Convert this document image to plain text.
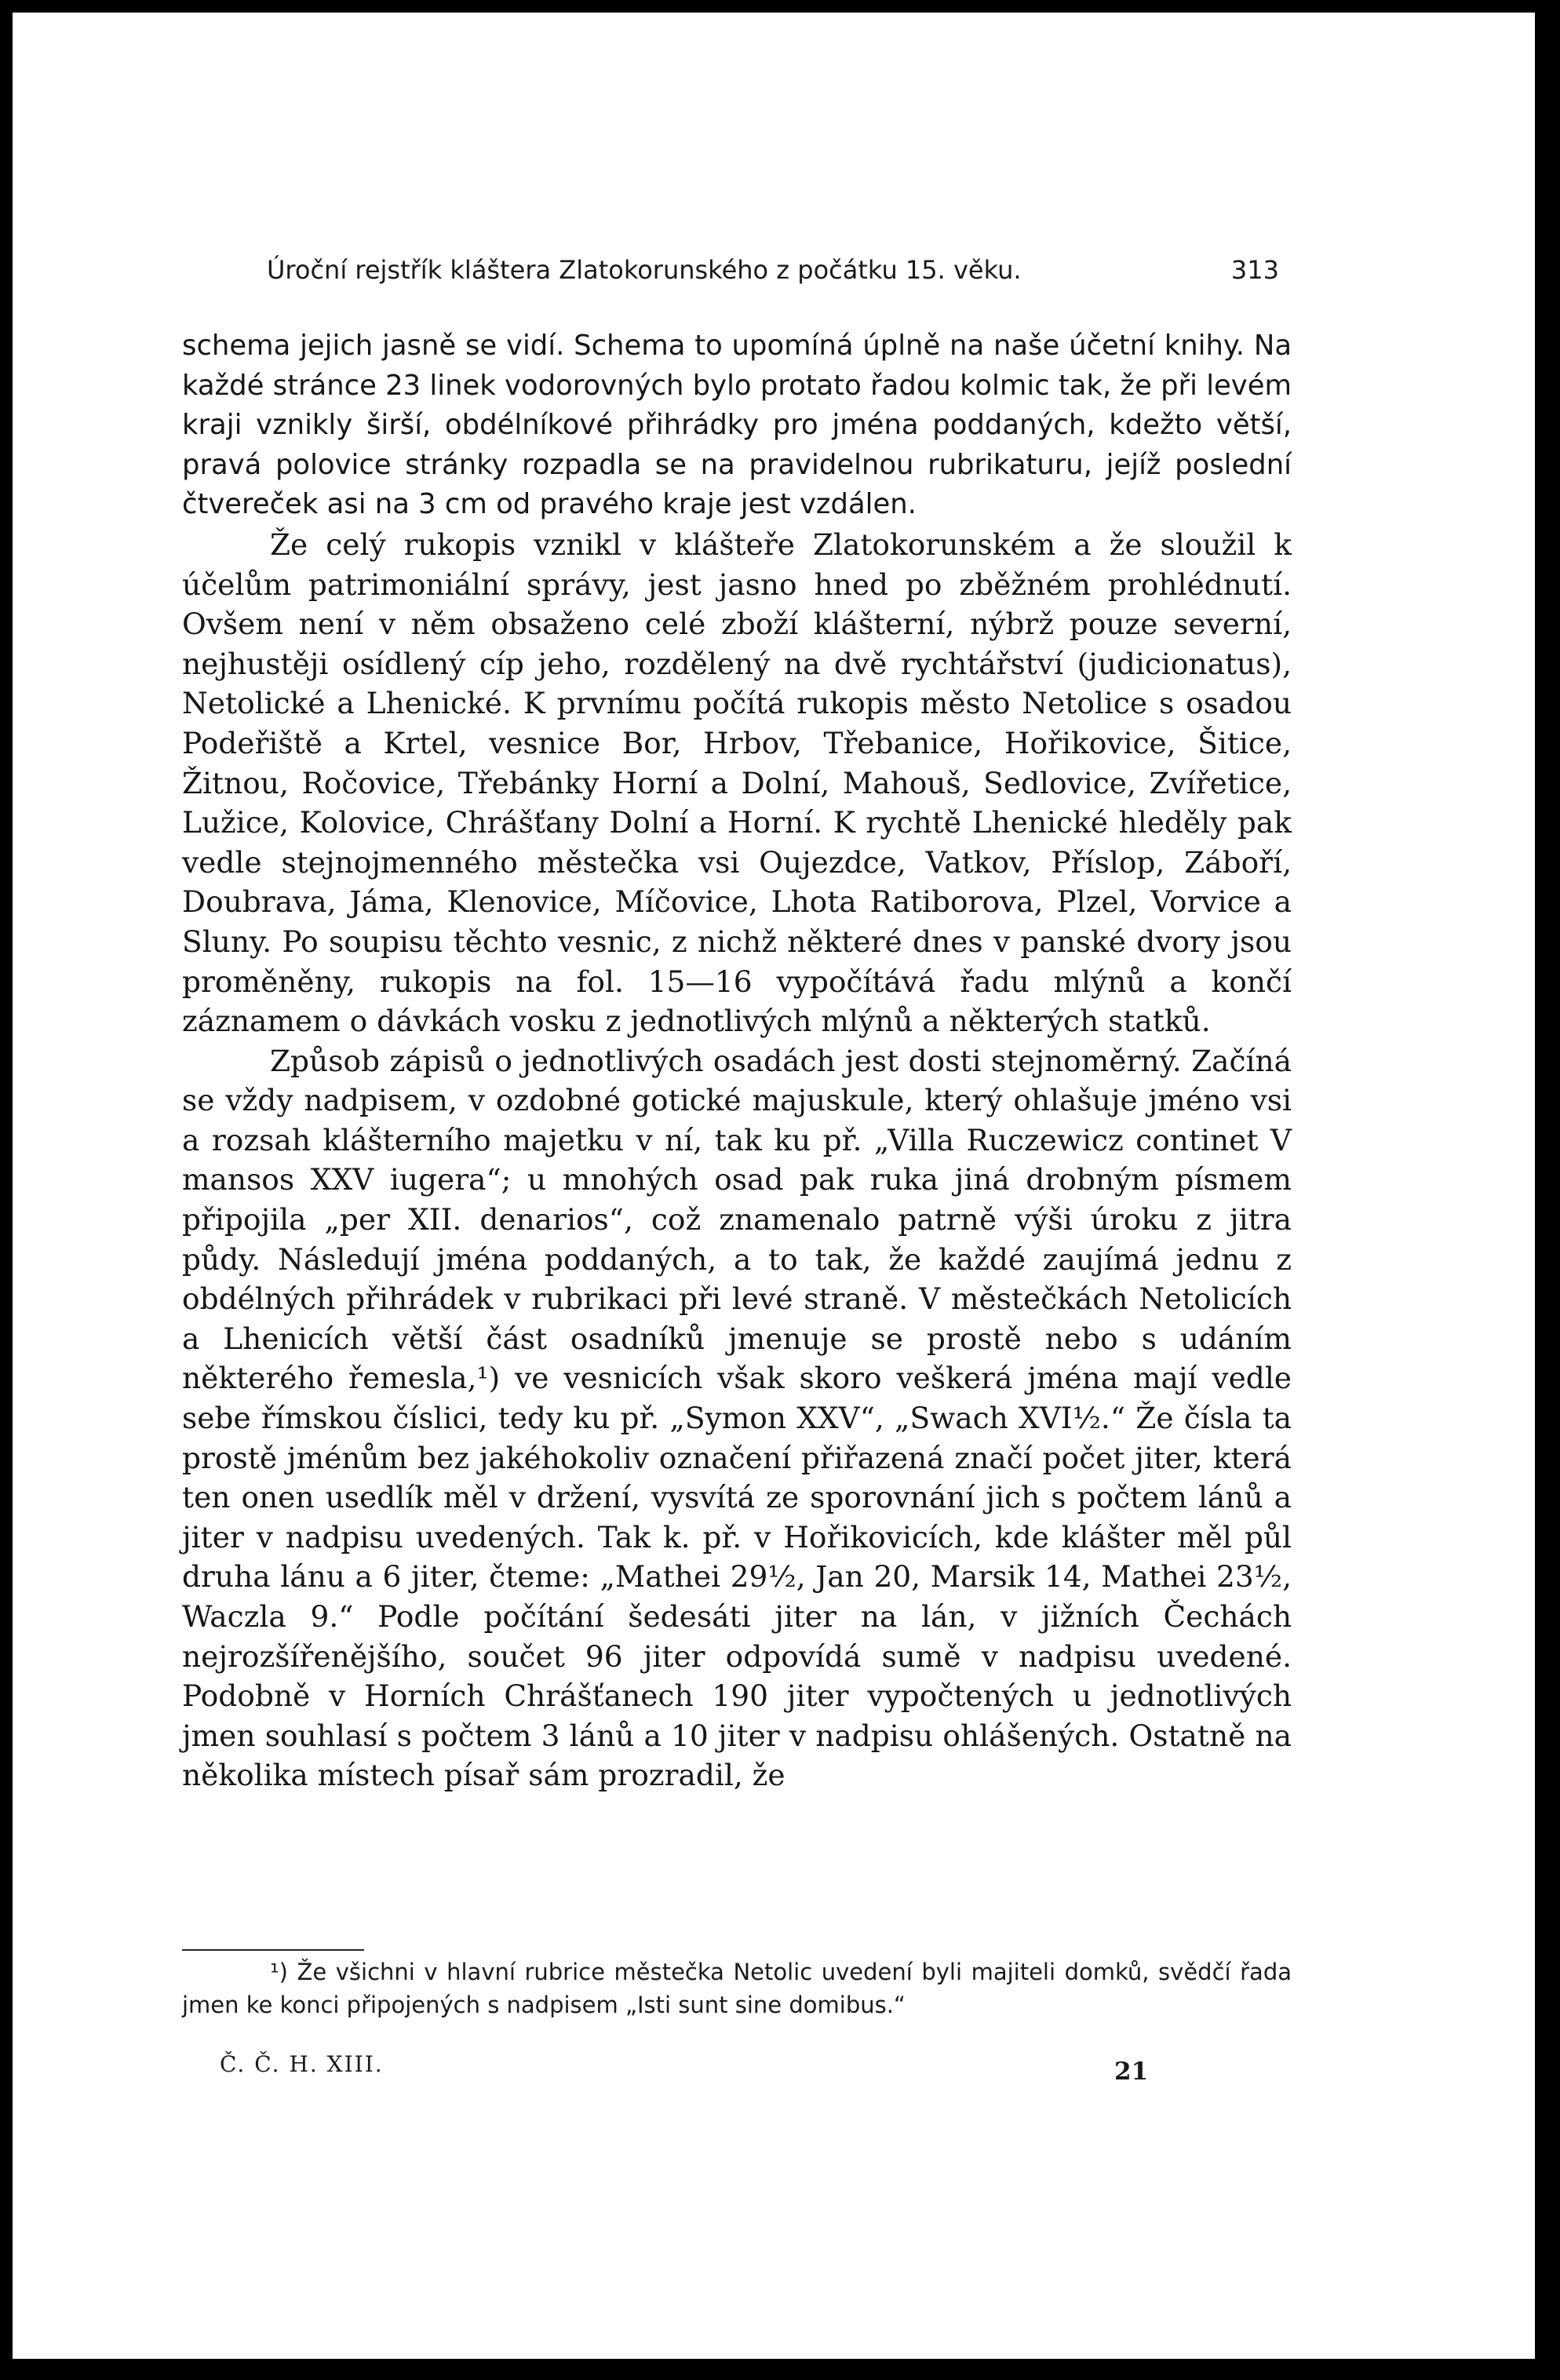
Úroční rejstřík kláštera Zlatokorunského z počátku 15. věku.	313

schema jejich jasně se vidí. Schema to upomíná úplně na naše účetní knihy. Na každé stránce 23 linek vodorovných bylo protato řadou kolmic tak, že při levém kraji vznikly širší, obdélníkové přihrádky pro jména poddaných, kdežto větší, pravá polovice stránky rozpadla se na pravidelnou rubrikaturu, jejíž poslední čtvereček asi na 3 cm od pravého kraje jest vzdálen.

Že celý rukopis vznikl v klášteře Zlatokorunském a že sloužil k účelům patrimoniální správy, jest jasno hned po zběžném prohlédnutí. Ovšem není v něm obsaženo celé zboží klášterní, nýbrž pouze severní, nejhustěji osídlený cíp jeho, rozdělený na dvě rychtářství (judicionatus), Netolické a Lhenické. K prvnímu počítá rukopis město Netolice s osadou Podeřiště a Krtel, vesnice Bor, Hrbov, Třebanice, Hořikovice, Šitice, Žitnou, Ročovice, Třebánky Horní a Dolní, Mahouš, Sedlovice, Zvířetice, Lužice, Kolovice, Chrášťany Dolní a Horní. K rychtě Lhenické hleděly pak vedle stejnojmenného městečka vsi Oujezdce, Vatkov, Příslop, Záboří, Doubrava, Jáma, Klenovice, Míčovice, Lhota Ratiborova, Plzel, Vorvice a Sluny. Po soupisu těchto vesnic, z nichž některé dnes v panské dvory jsou proměněny, rukopis na fol. 15—16 vypočítává řadu mlýnů a končí záznamem o dávkách vosku z jednotlivých mlýnů a některých statků.

Způsob zápisů o jednotlivých osadách jest dosti stejnoměrný. Začíná se vždy nadpisem, v ozdobné gotické majuskule, který ohlašuje jméno vsi a rozsah klášterního majetku v ní, tak ku př. „Villa Ruczewicz continet V mansos XXV iugera“; u mnohých osad pak ruka jiná drobným písmem připojila „per XII. denarios“, což znamenalo patrně výši úroku z jitra půdy. Následují jména poddaných, a to tak, že každé zaujímá jednu z obdélných přihrádek v rubrikaci při levé straně. V městečkách Netolicích a Lhenicích větší část osadníků jmenuje se prostě nebo s udáním některého řemesla,¹) ve vesnicích však skoro veškerá jména mají vedle sebe římskou číslici, tedy ku př. „Symon XXV“, „Swach XVI½.“ Že čísla ta prostě jménům bez jakéhokoliv označení přiřazená značí počet jiter, která ten onen usedlík měl v držení, vysvítá ze sporovnání jich s počtem lánů a jiter v nadpisu uvedených. Tak k. př. v Hořikovicích, kde klášter měl půl druha lánu a 6 jiter, čteme: „Mathei 29½, Jan 20, Marsik 14, Mathei 23½, Waczla 9.“ Podle počítání šedesáti jiter na lán, v jižních Čechách nejrozšířenějšího, součet 96 jiter odpovídá sumě v nadpisu uvedené. Podobně v Horních Chrášťanech 190 jiter vypočtených u jednotlivých jmen souhlasí s počtem 3 lánů a 10 jiter v nadpisu ohlášených. Ostatně na několika místech písař sám prozradil, že

¹) Že všichni v hlavní rubrice městečka Netolic uvedení byli majiteli domků, svědčí řada jmen ke konci připojených s nadpisem „Isti sunt sine domibus.“

Č. Č. H. XIII.	21
